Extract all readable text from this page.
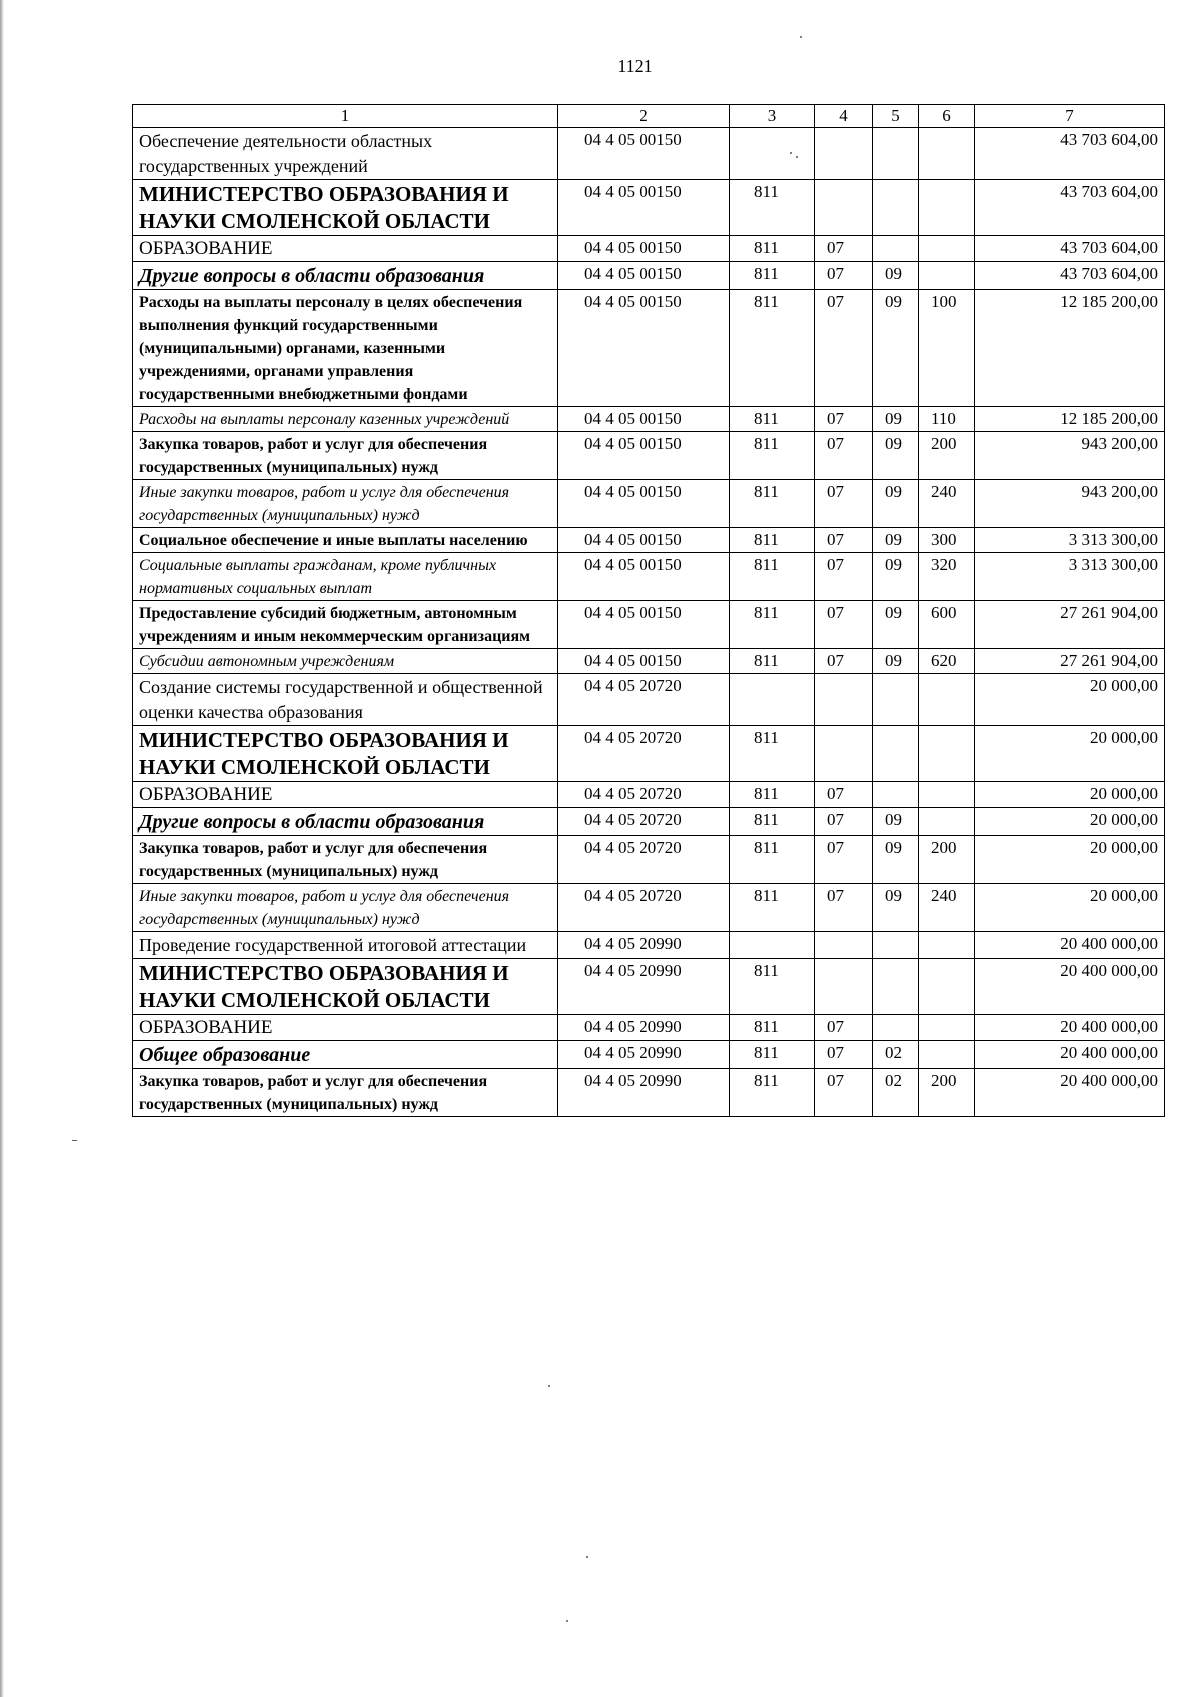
1121
1	2	3	4	5	6	7
Обеспечение деятельности областных государственных учреждений	04 4 05 00150					43 703 604,00
МИНИСТЕРСТВО ОБРАЗОВАНИЯ И НАУКИ СМОЛЕНСКОЙ ОБЛАСТИ	04 4 05 00150	811				43 703 604,00
ОБРАЗОВАНИЕ	04 4 05 00150	811	07			43 703 604,00
Другие вопросы в области образования	04 4 05 00150	811	07	09		43 703 604,00
Расходы на выплаты персоналу в целях обеспечения выполнения функций государственными (муниципальными) органами, казенными учреждениями, органами управления государственными внебюджетными фондами	04 4 05 00150	811	07	09	100	12 185 200,00
Расходы на выплаты персоналу казенных учреждений	04 4 05 00150	811	07	09	110	12 185 200,00
Закупка товаров, работ и услуг для обеспечения государственных (муниципальных) нужд	04 4 05 00150	811	07	09	200	943 200,00
Иные закупки товаров, работ и услуг для обеспечения государственных (муниципальных) нужд	04 4 05 00150	811	07	09	240	943 200,00
Социальное обеспечение и иные выплаты населению	04 4 05 00150	811	07	09	300	3 313 300,00
Социальные выплаты гражданам, кроме публичных нормативных социальных выплат	04 4 05 00150	811	07	09	320	3 313 300,00
Предоставление субсидий бюджетным, автономным учреждениям и иным некоммерческим организациям	04 4 05 00150	811	07	09	600	27 261 904,00
Субсидии автономным учреждениям	04 4 05 00150	811	07	09	620	27 261 904,00
Создание системы государственной и общественной оценки качества образования	04 4 05 20720					20 000,00
МИНИСТЕРСТВО ОБРАЗОВАНИЯ И НАУКИ СМОЛЕНСКОЙ ОБЛАСТИ	04 4 05 20720	811				20 000,00
ОБРАЗОВАНИЕ	04 4 05 20720	811	07			20 000,00
Другие вопросы в области образования	04 4 05 20720	811	07	09		20 000,00
Закупка товаров, работ и услуг для обеспечения государственных (муниципальных) нужд	04 4 05 20720	811	07	09	200	20 000,00
Иные закупки товаров, работ и услуг для обеспечения государственных (муниципальных) нужд	04 4 05 20720	811	07	09	240	20 000,00
Проведение государственной итоговой аттестации	04 4 05 20990					20 400 000,00
МИНИСТЕРСТВО ОБРАЗОВАНИЯ И НАУКИ СМОЛЕНСКОЙ ОБЛАСТИ	04 4 05 20990	811				20 400 000,00
ОБРАЗОВАНИЕ	04 4 05 20990	811	07			20 400 000,00
Общее образование	04 4 05 20990	811	07	02		20 400 000,00
Закупка товаров, работ и услуг для обеспечения государственных (муниципальных) нужд	04 4 05 20990	811	07	02	200	20 400 000,00
